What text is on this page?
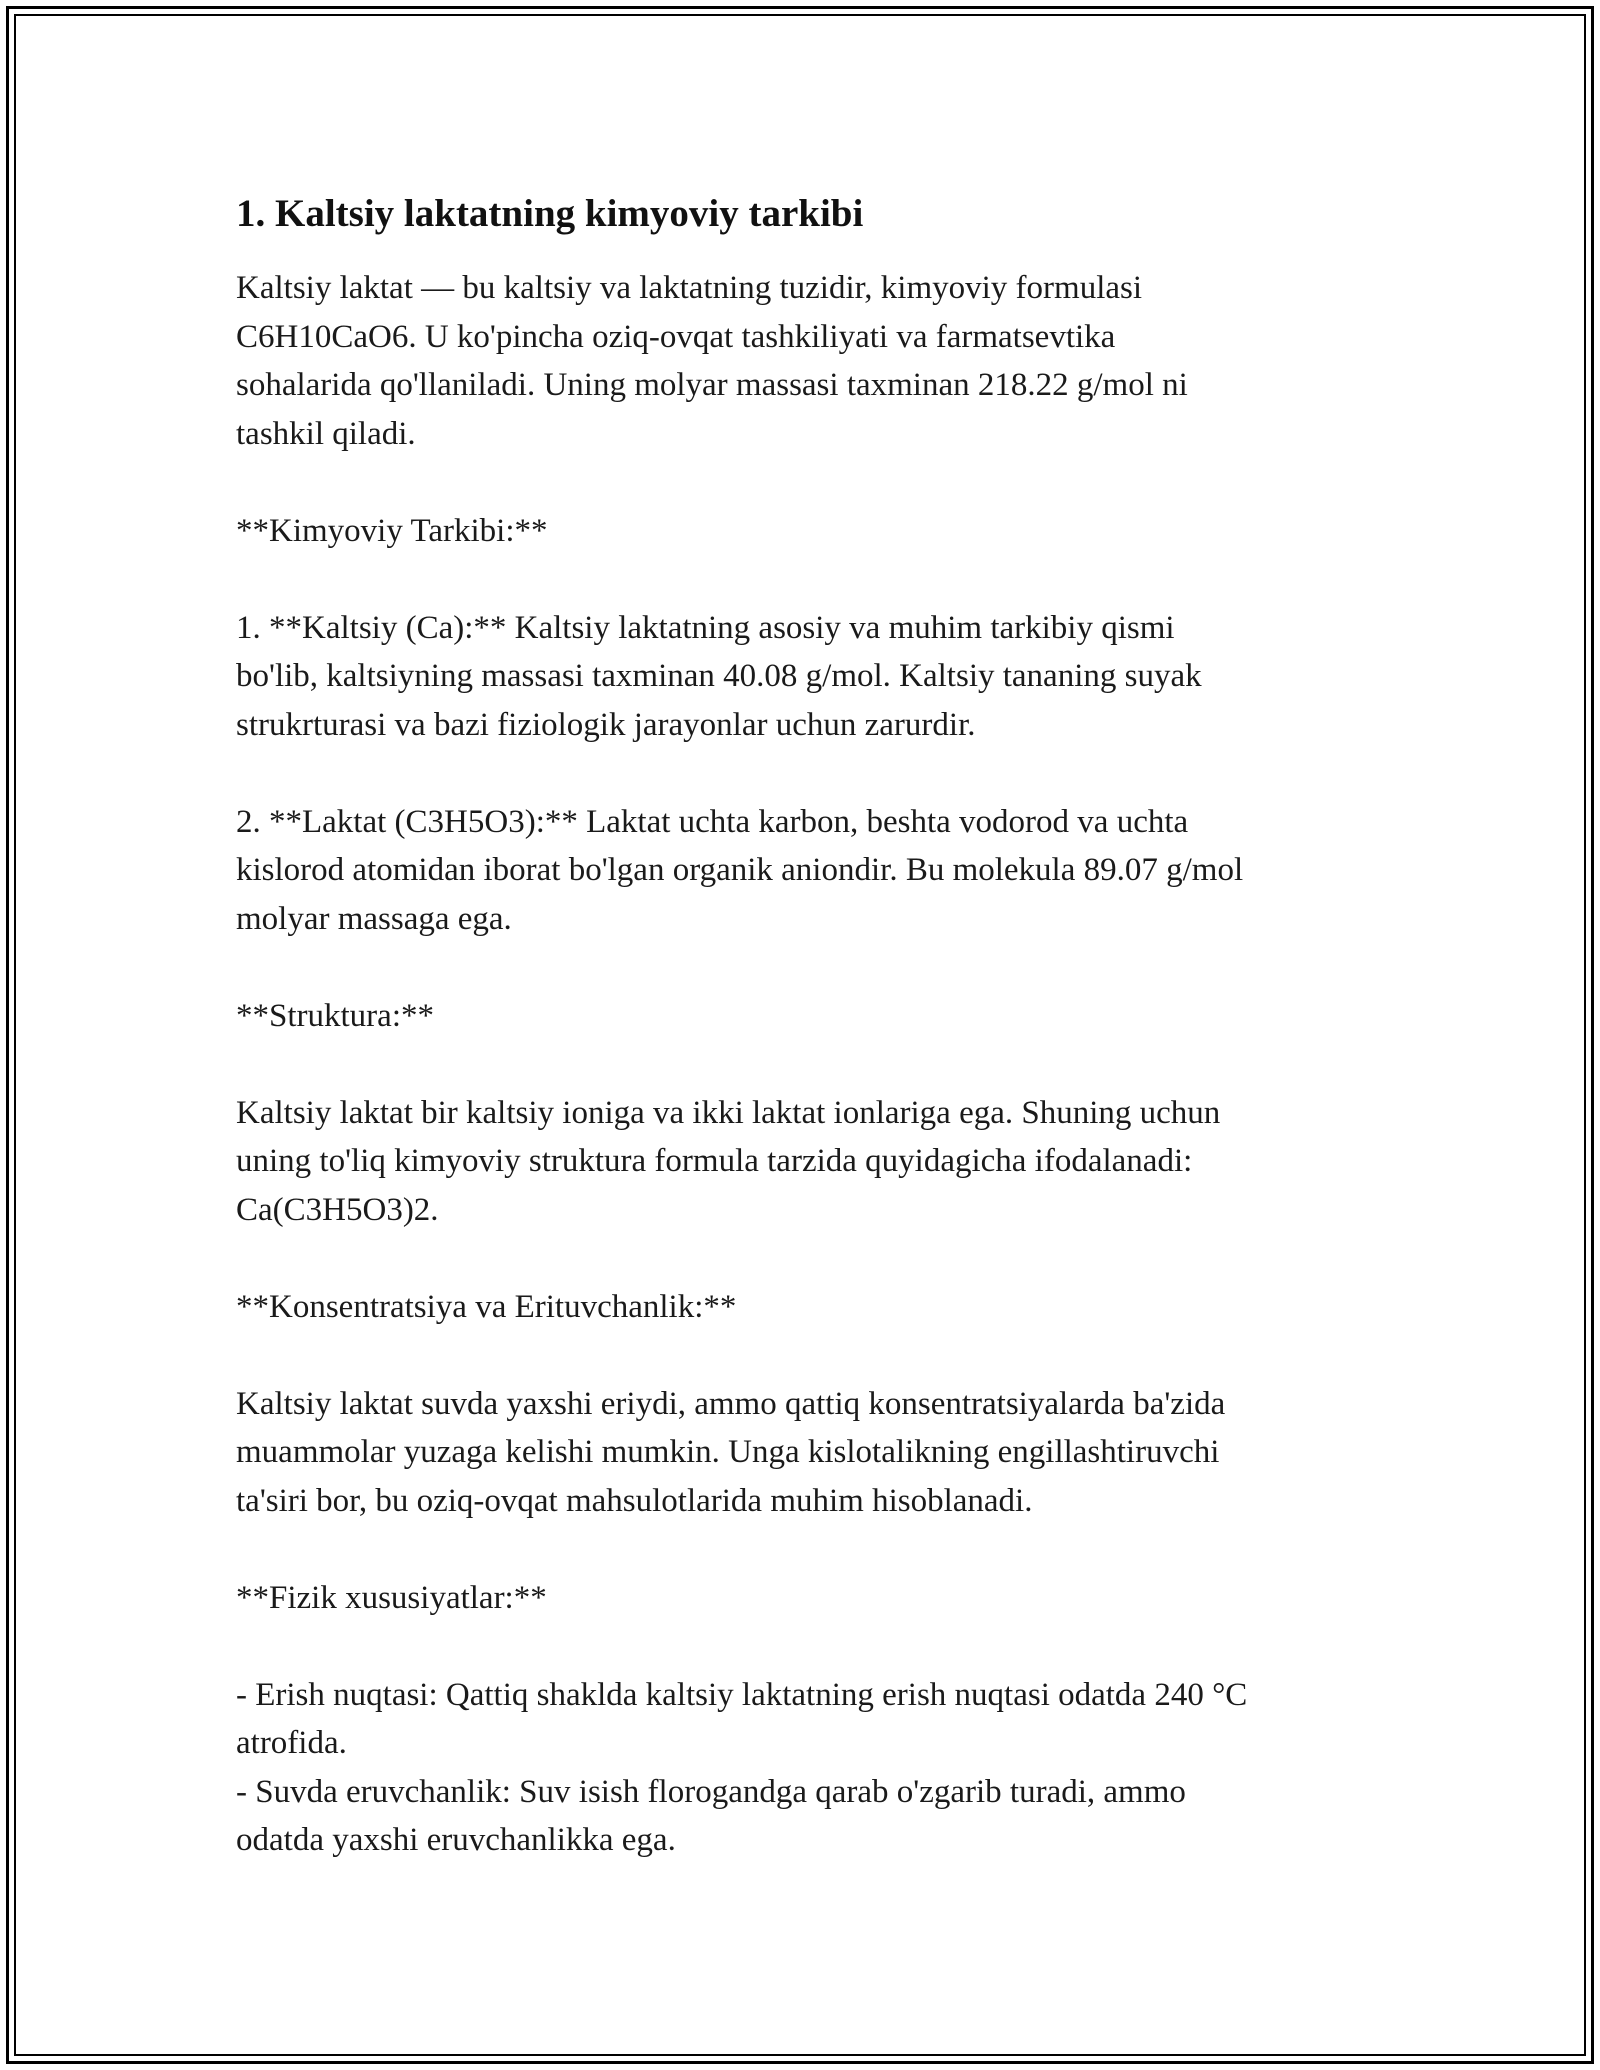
1. Kaltsiy laktatning kimyoviy tarkibi

Kaltsiy laktat — bu kaltsiy va laktatning tuzidir, kimyoviy formulasi
C6H10CaO6. U ko'pincha oziq-ovqat tashkiliyati va farmatsevtika
sohalarida qo'llaniladi. Uning molyar massasi taxminan 218.22 g/mol ni
tashkil qiladi.

**Kimyoviy Tarkibi:**

1. **Kaltsiy (Ca):** Kaltsiy laktatning asosiy va muhim tarkibiy qismi
bo'lib, kaltsiyning massasi taxminan 40.08 g/mol. Kaltsiy tananing suyak
strukrturasi va bazi fiziologik jarayonlar uchun zarurdir.

2. **Laktat (C3H5O3):** Laktat uchta karbon, beshta vodorod va uchta
kislorod atomidan iborat bo'lgan organik aniondir. Bu molekula 89.07 g/mol
molyar massaga ega.

**Struktura:**

Kaltsiy laktat bir kaltsiy ioniga va ikki laktat ionlariga ega. Shuning uchun
uning to'liq kimyoviy struktura formula tarzida quyidagicha ifodalanadi:
Ca(C3H5O3)2.

**Konsentratsiya va Erituvchanlik:**

Kaltsiy laktat suvda yaxshi eriydi, ammo qattiq konsentratsiyalarda ba'zida
muammolar yuzaga kelishi mumkin. Unga kislotalikning engillashtiruvchi
ta'siri bor, bu oziq-ovqat mahsulotlarida muhim hisoblanadi.

**Fizik xususiyatlar:**

- Erish nuqtasi: Qattiq shaklda kaltsiy laktatning erish nuqtasi odatda 240 °C
atrofida.
- Suvda eruvchanlik: Suv isish florogandga qarab o'zgarib turadi, ammo
odatda yaxshi eruvchanlikka ega.
